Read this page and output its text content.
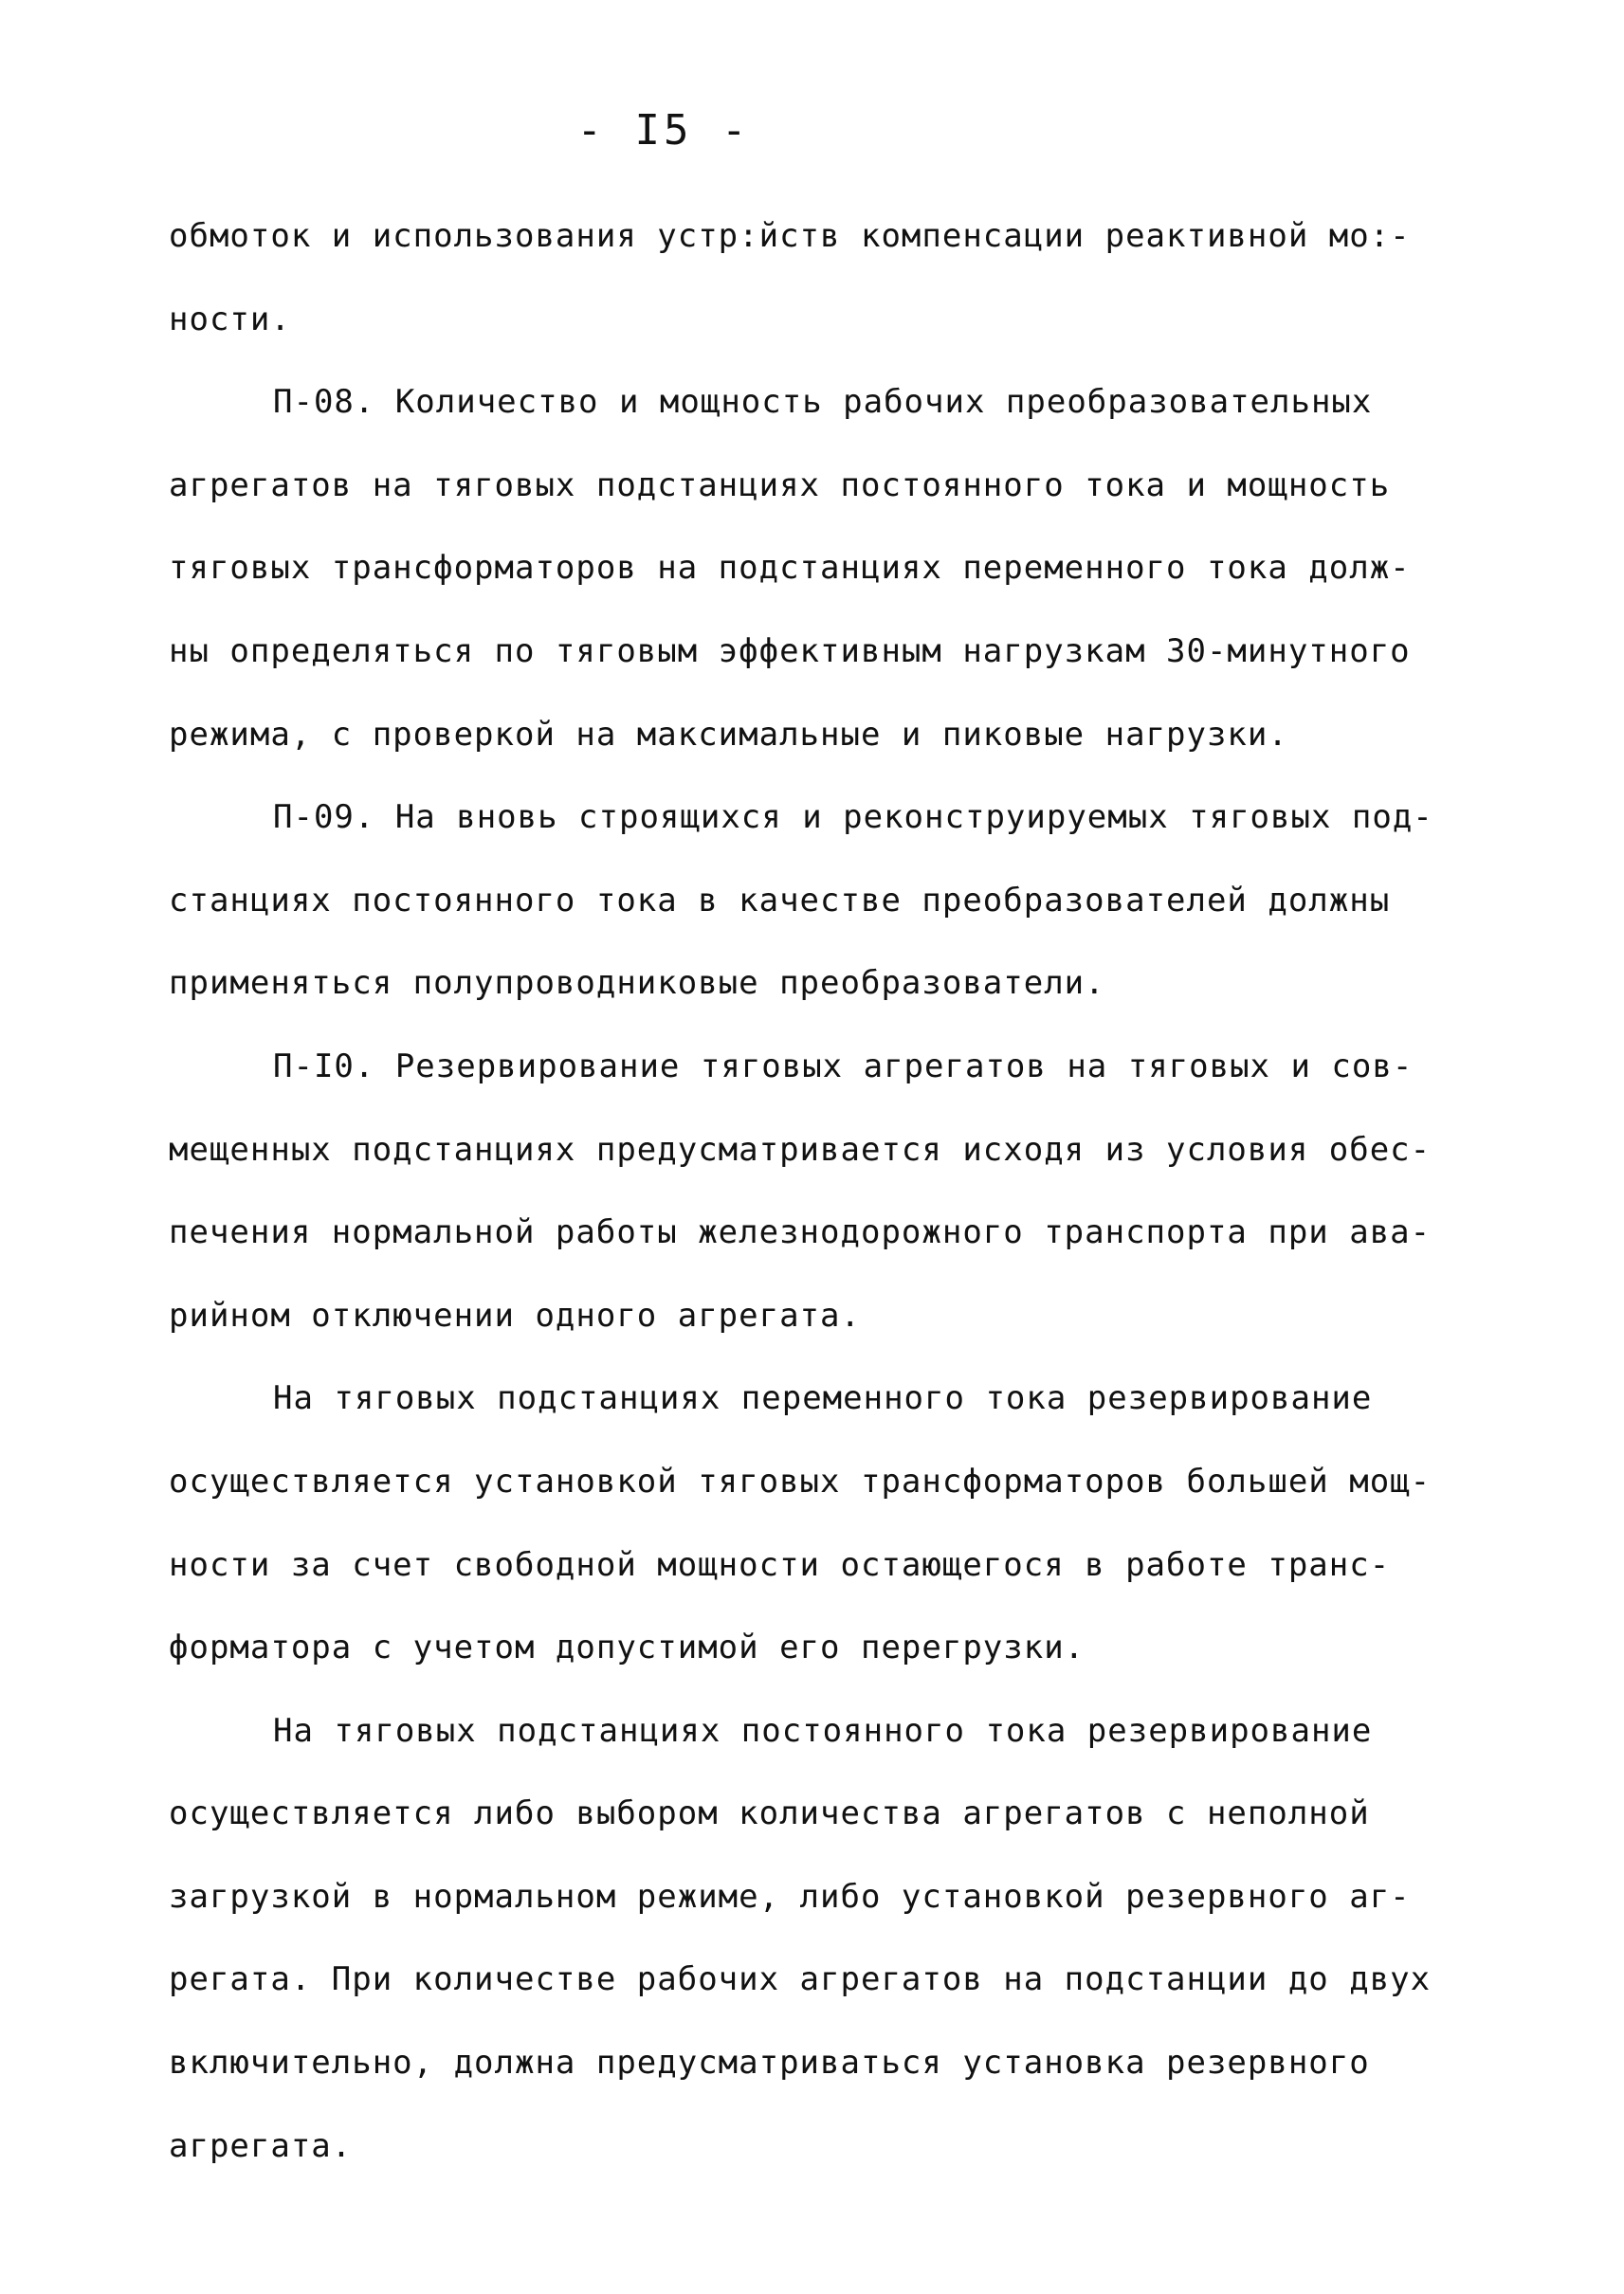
- I5 -
обмоток и использования устр:йств компенсации реактивной мо:-
ности.
П-08. Количество и мощность рабочих преобразовательных
агрегатов на тяговых подстанциях постоянного тока и мощность
тяговых трансформаторов на подстанциях переменного тока долж-
ны определяться по тяговым эффективным нагрузкам 30-минутного
режима, с проверкой на максимальные и пиковые нагрузки.
П-09. На вновь строящихся и реконструируемых тяговых под-
станциях постоянного тока в качестве преобразователей должны
применяться полупроводниковые преобразователи.
П-I0. Резервирование тяговых агрегатов на тяговых и сов-
мещенных подстанциях предусматривается исходя из условия обес-
печения нормальной работы железнодорожного транспорта при ава-
рийном отключении одного агрегата.
На тяговых подстанциях переменного тока резервирование
осуществляется установкой тяговых трансформаторов большей мощ-
ности за счет свободной мощности остающегося в работе транс-
форматора с учетом допустимой его перегрузки.
На тяговых подстанциях постоянного тока резервирование
осуществляется либо выбором количества агрегатов с неполной
загрузкой в нормальном режиме, либо установкой резервного аг-
регата. При количестве рабочих агрегатов на подстанции до двух
включительно, должна предусматриваться установка резервного
агрегата.
